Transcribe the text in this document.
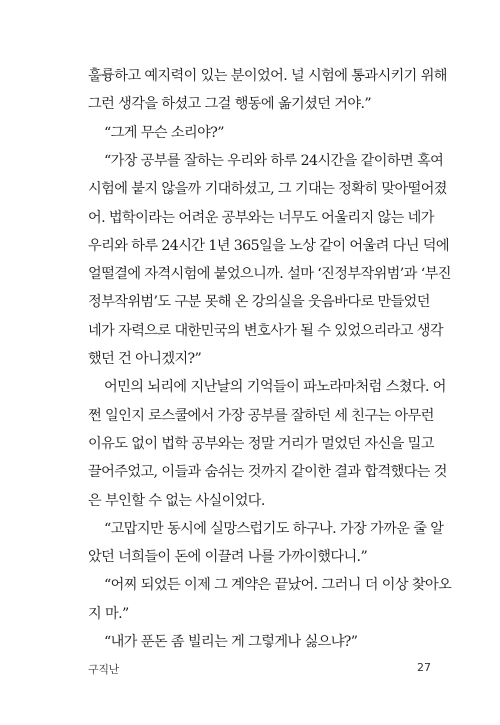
훌륭하고 예지력이 있는 분이었어. 널 시험에 통과시키기 위해
그런 생각을 하셨고 그걸 행동에 옮기셨던 거야.”
“그게 무슨 소리야?”
“가장 공부를 잘하는 우리와 하루 24시간을 같이하면 혹여
시험에 붙지 않을까 기대하셨고, 그 기대는 정확히 맞아떨어졌
어. 법학이라는 어려운 공부와는 너무도 어울리지 않는 네가
우리와 하루 24시간 1년 365일을 노상 같이 어울려 다닌 덕에
얼떨결에 자격시험에 붙었으니까. 설마 ‘진정부작위범’과 ‘부진
정부작위범’도 구분 못해 온 강의실을 웃음바다로 만들었던
네가 자력으로 대한민국의 변호사가 될 수 있었으리라고 생각
했던 건 아니겠지?”
어민의 뇌리에 지난날의 기억들이 파노라마처럼 스쳤다. 어
쩐 일인지 로스쿨에서 가장 공부를 잘하던 세 친구는 아무런
이유도 없이 법학 공부와는 정말 거리가 멀었던 자신을 밀고
끌어주었고, 이들과 숨쉬는 것까지 같이한 결과 합격했다는 것
은 부인할 수 없는 사실이었다.
“고맙지만 동시에 실망스럽기도 하구나. 가장 가까운 줄 알
았던 너희들이 돈에 이끌려 나를 가까이했다니.”
“어찌 되었든 이제 그 계약은 끝났어. 그러니 더 이상 찾아오
지 마.”
“내가 푼돈 좀 빌리는 게 그렇게나 싫으냐?”
구직난	27
